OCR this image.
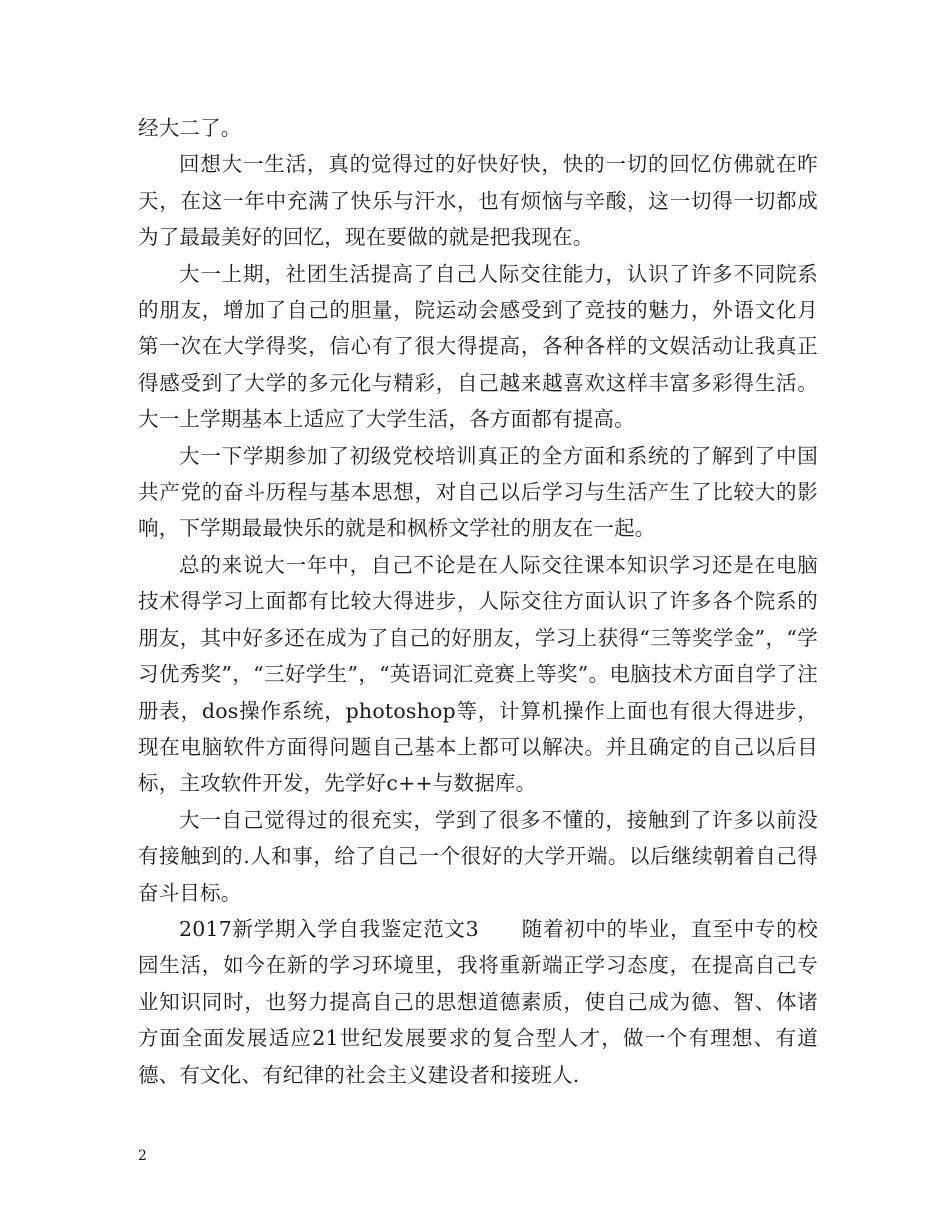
经大二了。

回想大一生活，真的觉得过的好快好快，快的一切的回忆仿佛就在昨天，在这一年中充满了快乐与汗水，也有烦恼与辛酸，这一切得一切都成为了最最美好的回忆，现在要做的就是把我现在。

大一上期，社团生活提高了自己人际交往能力，认识了许多不同院系的朋友，增加了自己的胆量，院运动会感受到了竞技的魅力，外语文化月第一次在大学得奖，信心有了很大得提高，各种各样的文娱活动让我真正得感受到了大学的多元化与精彩，自己越来越喜欢这样丰富多彩得生活。大一上学期基本上适应了大学生活，各方面都有提高。

大一下学期参加了初级党校培训真正的全方面和系统的了解到了中国共产党的奋斗历程与基本思想，对自己以后学习与生活产生了比较大的影响，下学期最最快乐的就是和枫桥文学社的朋友在一起。

总的来说大一年中，自己不论是在人际交往课本知识学习还是在电脑技术得学习上面都有比较大得进步，人际交往方面认识了许多各个院系的朋友，其中好多还在成为了自己的好朋友，学习上获得“三等奖学金”，“学习优秀奖”，“三好学生”，“英语词汇竞赛上等奖”。电脑技术方面自学了注册表，dos操作系统，photoshop等，计算机操作上面也有很大得进步，现在电脑软件方面得问题自己基本上都可以解决。并且确定的自己以后目标，主攻软件开发，先学好c++与数据库。

大一自己觉得过的很充实，学到了很多不懂的，接触到了许多以前没有接触到的.人和事，给了自己一个很好的大学开端。以后继续朝着自己得奋斗目标。

2017新学期入学自我鉴定范文3　　随着初中的毕业，直至中专的校园生活，如今在新的学习环境里，我将重新端正学习态度，在提高自己专业知识同时，也努力提高自己的思想道德素质，使自己成为德、智、体诸方面全面发展适应21世纪发展要求的复合型人才，做一个有理想、有道德、有文化、有纪律的社会主义建设者和接班人.

2
